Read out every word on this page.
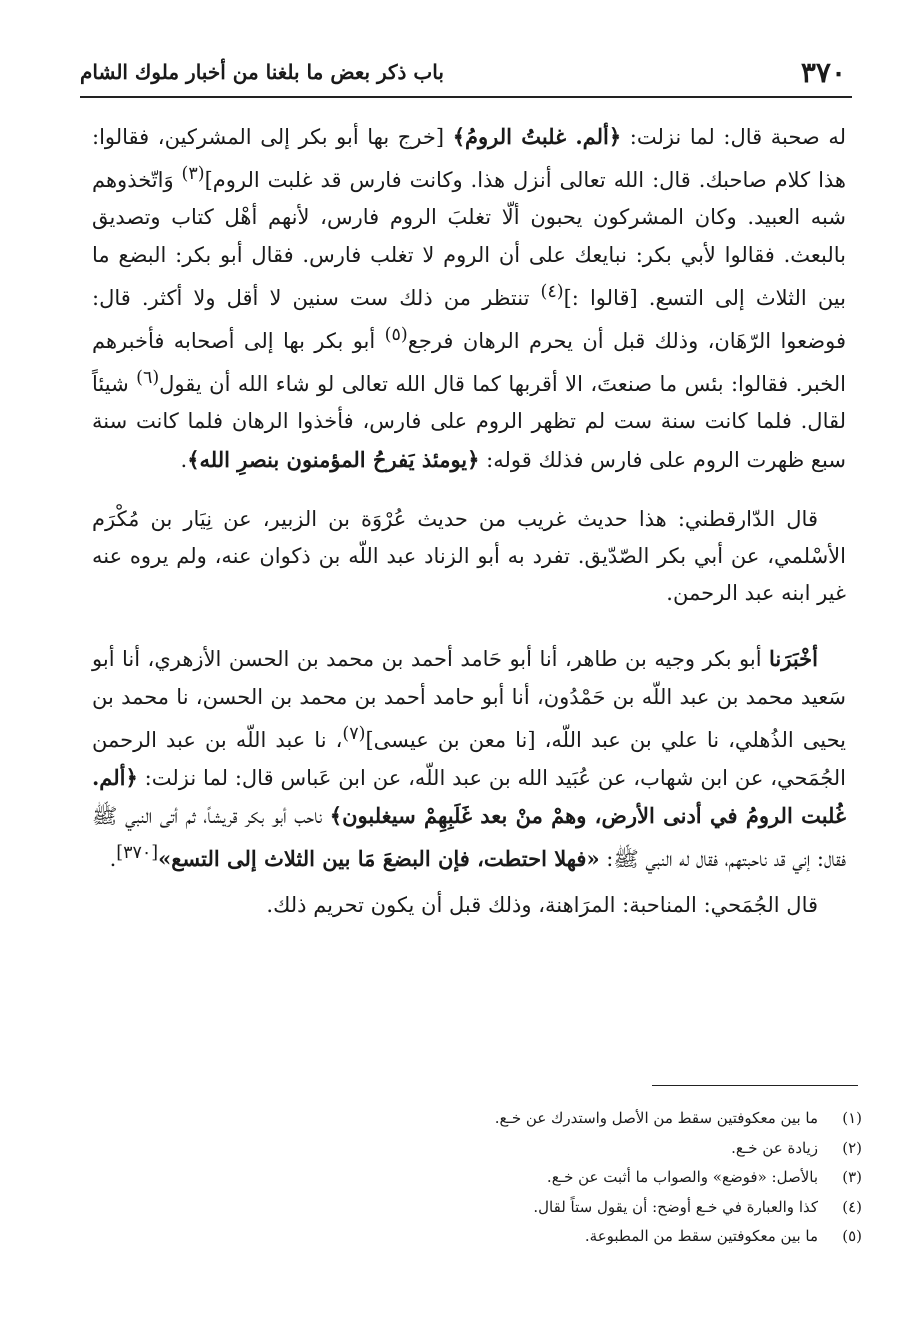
٣٧٠
باب ذكر بعض ما بلغنا من أخبار ملوك الشام

له صحبة قال: لما نزلت: ﴿ألم. غلبتُ الرومُ﴾ [خرج بها أبو بكر إلى المشركين، فقالوا: هذا كلام صاحبك. قال: الله تعالى أنزل هذا. وكانت فارس قد غلبت الروم]$^{(٣)}$ وَاتّخذوهم شبه العبيد. وكان المشركون يحبون ألّا تغلبَ الروم فارس، لأنهم أهْل كتاب وتصديق بالبعث. فقالوا لأبي بكر: نبايعك على أن الروم لا تغلب فارس. فقال أبو بكر: البضع ما بين الثلاث إلى التسع. [قالوا :]$^{(٤)}$ تنتظر من ذلك ست سنين لا أقل ولا أكثر. قال: فوضعوا الرّهَان، وذلك قبل أن يحرم الرهان فرجع$^{(٥)}$ أبو بكر بها إلى أصحابه فأخبرهم الخبر. فقالوا: بئس ما صنعتَ، الا أقربها كما قال الله تعالى لو شاء الله أن يقول$^{(٦)}$ شيئاً لقال. فلما كانت سنة ست لم تظهر الروم على فارس، فأخذوا الرهان فلما كانت سنة سبع ظهرت الروم على فارس فذلك قوله: ﴿يومئذ يَفرحُ المؤمنون بنصرِ الله﴾.

قال الدّارقطني: هذا حديث غريب من حديث عُرْوَة بن الزبير، عن نِيَار بن مُكْرَم الأسْلمي، عن أبي بكر الصّدّيق. تفرد به أبو الزناد عبد اللّه بن ذكوان عنه، ولم يروه عنه غير ابنه عبد الرحمن.

أخْبَرَنا أبو بكر وجيه بن طاهر، أنا أبو حَامد أحمد بن محمد بن الحسن الأزهري، أنا أبو سَعيد محمد بن عبد اللّه بن حَمْدُون، أنا أبو حامد أحمد بن محمد بن الحسن، نا محمد بن يحيى الذُهلي، نا علي بن عبد اللّه، [نا معن بن عيسى]$^{(٧)}$، نا عبد اللّه بن عبد الرحمن الجُمَحي، عن ابن شهاب، عن عُبَيد الله بن عبد اللّه، عن ابن عَباس قال: لما نزلت: ﴿ألم. غُلبت الرومُ في أدنى الأرض، وهمْ منْ بعد غَلَبِهِمْ سيغلبون﴾ ناحب أبو بكر قريشاً، ثم أتى النبي ﷺ فقال: إني قد ناحبتهم، فقال له النبي ﷺ: «فهلا احتطت، فإن البضعَ مَا بين الثلاث إلى التسع»[٣٧٠].

قال الجُمَحي: المناحبة: المرَاهنة، وذلك قبل أن يكون تحريم ذلك.

(١)
ما بين معكوفتين سقط من الأصل واستدرك عن خـع.
(٢)
زيادة عن خـع.
(٣)
بالأصل: «فوضع» والصواب ما أثبت عن خـع.
(٤)
كذا والعبارة في خـع أوضح: أن يقول ستاً لقال.
(٥)
ما بين معكوفتين سقط من المطبوعة.
